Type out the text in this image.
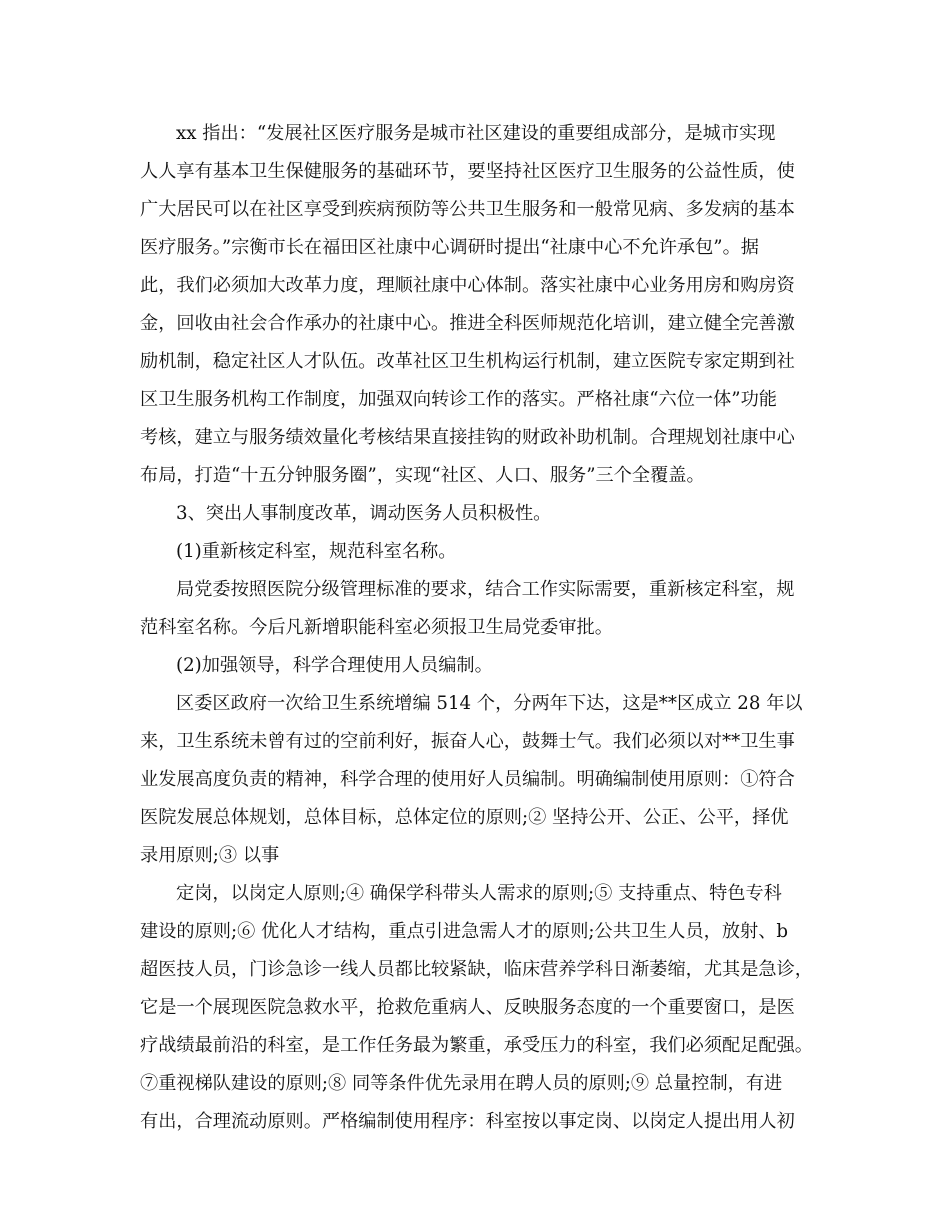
xx 指出：“发展社区医疗服务是城市社区建设的重要组成部分，是城市实现
人人享有基本卫生保健服务的基础环节，要坚持社区医疗卫生服务的公益性质，使
广大居民可以在社区享受到疾病预防等公共卫生服务和一般常见病、多发病的基本
医疗服务。”宗衡市长在福田区社康中心调研时提出“社康中心不允许承包”。据
此，我们必须加大改革力度，理顺社康中心体制。落实社康中心业务用房和购房资
金，回收由社会合作承办的社康中心。推进全科医师规范化培训，建立健全完善激
励机制，稳定社区人才队伍。改革社区卫生机构运行机制，建立医院专家定期到社
区卫生服务机构工作制度，加强双向转诊工作的落实。严格社康“六位一体”功能
考核，建立与服务绩效量化考核结果直接挂钩的财政补助机制。合理规划社康中心
布局，打造“十五分钟服务圈”，实现“社区、人口、服务”三个全覆盖。
3、突出人事制度改革，调动医务人员积极性。
(1)重新核定科室，规范科室名称。
局党委按照医院分级管理标准的要求，结合工作实际需要，重新核定科室，规
范科室名称。今后凡新增职能科室必须报卫生局党委审批。
(2)加强领导，科学合理使用人员编制。
区委区政府一次给卫生系统增编 514 个，分两年下达，这是**区成立 28 年以
来，卫生系统未曾有过的空前利好，振奋人心，鼓舞士气。我们必须以对**卫生事
业发展高度负责的精神，科学合理的使用好人员编制。明确编制使用原则：①符合
医院发展总体规划，总体目标，总体定位的原则;② 坚持公开、公正、公平，择优
录用原则;③ 以事
定岗，以岗定人原则;④ 确保学科带头人需求的原则;⑤ 支持重点、特色专科
建设的原则;⑥ 优化人才结构，重点引进急需人才的原则;公共卫生人员，放射、b
超医技人员，门诊急诊一线人员都比较紧缺，临床营养学科日渐萎缩，尤其是急诊，
它是一个展现医院急救水平，抢救危重病人、反映服务态度的一个重要窗口，是医
疗战绩最前沿的科室，是工作任务最为繁重，承受压力的科室，我们必须配足配强。
⑦重视梯队建设的原则;⑧ 同等条件优先录用在聘人员的原则;⑨ 总量控制，有进
有出，合理流动原则。严格编制使用程序：科室按以事定岗、以岗定人提出用人初
